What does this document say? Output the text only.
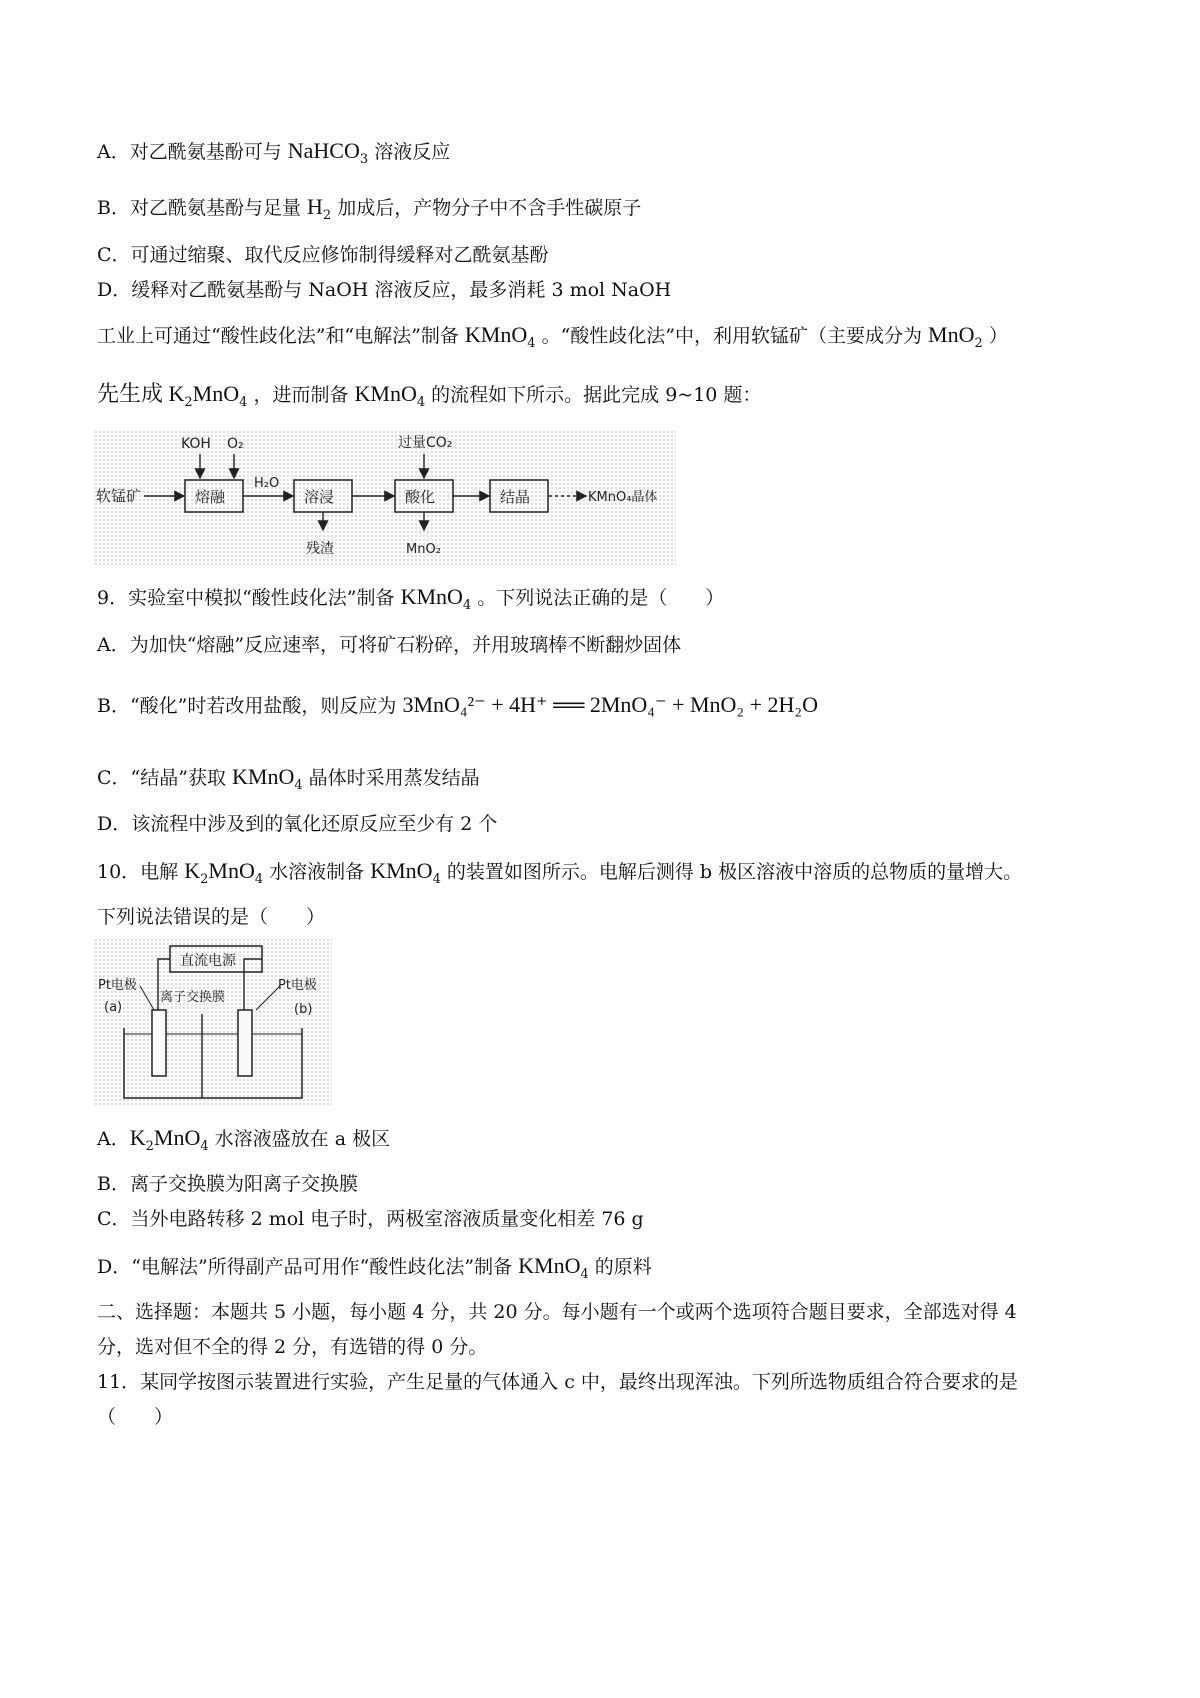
A．对乙酰氨基酚可与 NaHCO$_3$ 溶液反应
B．对乙酰氨基酚与足量 $H_2$ 加成后，产物分子中不含手性碳原子
C．可通过缩聚、取代反应修饰制得缓释对乙酰氨基酚
D．缓释对乙酰氨基酚与 NaOH 溶液反应，最多消耗 3 mol NaOH
工业上可通过“酸性歧化法”和“电解法”制备 KMnO$_4$ 。“酸性歧化法”中，利用软锰矿（主要成分为 MnO$_2$ ）
先生成 $K_2MnO_4$ ，进而制备 KMnO$_4$ 的流程如下所示。据此完成 9~10 题：
软锰矿
KOH O₂
熔融
H₂O
溶浸
残渣
过量CO₂
酸化
MnO₂
结晶	KMnO₄晶体
9．实验室中模拟“酸性歧化法”制备 KMnO$_4$ 。下列说法正确的是（　　）
A．为加快“熔融”反应速率，可将矿石粉碎，并用玻璃棒不断翻炒固体
B．“酸化”时若改用盐酸，则反应为 3MnO₄²⁻ + 4H⁺ ══ 2MnO₄⁻ + MnO₂ + 2H₂O
C．“结晶”获取 KMnO$_4$ 晶体时采用蒸发结晶
D．该流程中涉及到的氧化还原反应至少有 2 个
10．电解 $K_2MnO_4$ 水溶液制备 KMnO$_4$ 的装置如图所示。电解后测得 b 极区溶液中溶质的总物质的量增大。
下列说法错误的是（　　）
直流电源
Pt电极
(a)
离子交换膜
Pt电极
(b)
A．$K_2MnO_4$ 水溶液盛放在 a 极区
B．离子交换膜为阳离子交换膜
C．当外电路转移 2 mol 电子时，两极室溶液质量变化相差 76 g
D．“电解法”所得副产品可用作“酸性歧化法”制备 KMnO$_4$ 的原料
二、选择题：本题共 5 小题，每小题 4 分，共 20 分。每小题有一个或两个选项符合题目要求，全部选对得 4
分，选对但不全的得 2 分，有选错的得 0 分。
11．某同学按图示装置进行实验，产生足量的气体通入 c 中，最终出现浑浊。下列所选物质组合符合要求的是
（　　）
